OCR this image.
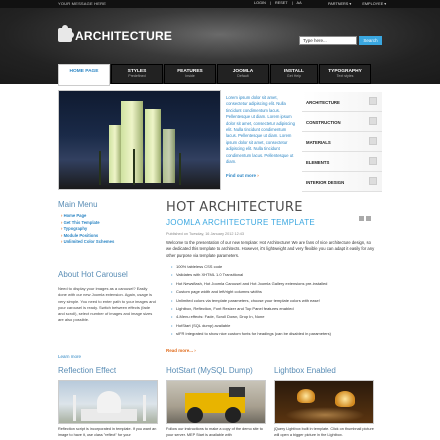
YOUR MESSAGE HERE	LOGIN | RESET | AA	PARTNERS ▾	EMPLOYEE ▾
ARCHITECTURE	Type here...	Search
HOME PAGE	STYLES
Predefined
FEATURES
Inside
JOOMLA
Default
INSTALL
Get Help
TYPOGRAPHY
Text styles
Lorem ipsum dolor sit amet, consectetur adipiscing elit. Nulla tincidunt condimentum lacus. Pellentesque ut diam. Lorem ipsum dolor sit amet, consectetur adipiscing elit. Nulla tincidunt condimentum lacus. Pellentesque ut diam. Lorem ipsum dolor sit amet, consectetur adipiscing elit. Nulla tincidunt condimentum lacus. Pellentesque ut diam.
Find out more ›
ARCHITECTURE
CONSTRUCTION
MATERIALS
ELEMENTS
INTERIOR DESIGN
Main Menu
› Home Page
› Get This Template
› Typography
› Module Positions
› Unlimited Color Schemes
About Hot Carousel
Need to display your images as a carousel? Easily done with our new Joomla extension. Again, usage is very simple. You need to enter path to your images and your carousel is ready. Switch between effects (fade and scroll), select number of images and image sizes are also possible.
Learn more
HOT ARCHITECTURE
JOOMLA ARCHITECTURE TEMPLATE
Published on Tuesday, 16 January 2012 12:43
Welcome to the presentation of our new template: Hot Architecture! We are fans of nice architecture design, so we dedicated this template to architects. However, it's lightweight and very flexible you can adapt it easily for any other purpose via template parameters.
• 100% tableless CSS code
• Validates with XHTML 1.0 Transitional
• Hot Newsflash, Hot Joomla Carousel and Hot Joomla Gallery extensions pre-installed
• Custom page width and left/right columns widths
• Unlimited colors via template parameters, choose your template colors with ease!
• Lightbox, Reflection, Font Resizer and Top Panel features enabled
• 4-Menu effects: Fade, Scroll Down, Drop In, None
• HotStart (SQL dump) available
• sIFR integrated to show nice custom fonts for headings (can be disabled in parameters)
Read more... ›
Reflection Effect
Reflection script is incorporated in template. If you want an image to have it, use class "reflect" for your
HotStart (MySQL Dump)
Follow our instructions to make a copy of the demo site to your server. MEP Start is available with
Lightbox Enabled
jQuery Lightbox built in template. Click on thumbnail picture will open a bigger picture in the Lightbox.
